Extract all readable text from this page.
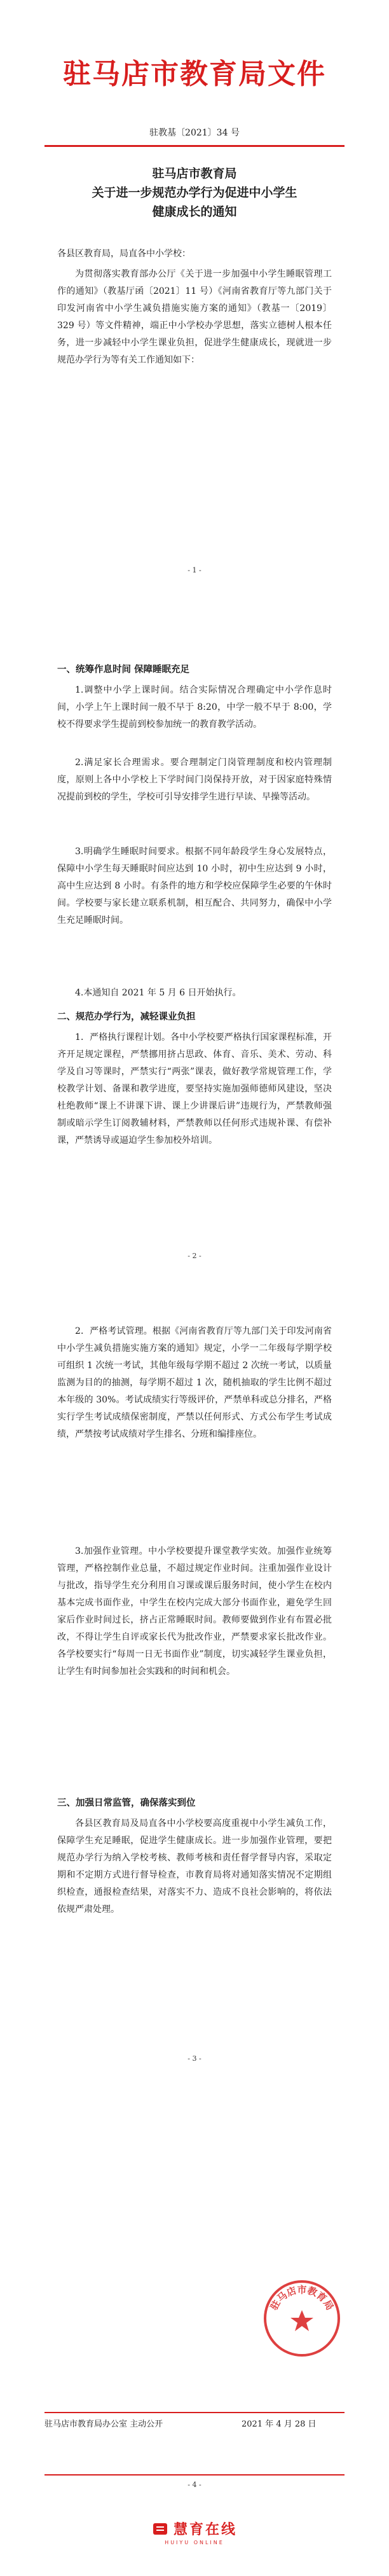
驻马店市教育局文件
驻教基〔2021〕34 号
驻马店市教育局
关于进一步规范办学行为促进中小学生
健康成长的通知
各县区教育局，局直各中小学校：
为贯彻落实教育部办公厅《关于进一步加强中小学生睡眠管理工作的通知》（教基厅函〔2021〕11 号）《河南省教育厅等九部门关于印发河南省中小学生减负措施实施方案的通知》（教基一〔2019〕329 号）等文件精神，端正中小学校办学思想，落实立德树人根本任务，进一步减轻中小学生课业负担，促进学生健康成长，现就进一步规范办学行为等有关工作通知如下：
- 1 -
一、统筹作息时间 保障睡眠充足
1.调整中小学上课时间。结合实际情况合理确定中小学作息时间，小学上午上课时间一般不早于 8:20，中学一般不早于 8:00，学校不得要求学生提前到校参加统一的教育教学活动。
2.满足家长合理需求。要合理制定门岗管理制度和校内管理制度，原则上各中小学校上下学时间门岗保持开放，对于因家庭特殊情况提前到校的学生，学校可引导安排学生进行早读、早操等活动。
3.明确学生睡眠时间要求。根据不同年龄段学生身心发展特点，保障中小学生每天睡眠时间应达到 10 小时，初中生应达到 9 小时，高中生应达到 8 小时。有条件的地方和学校应保障学生必要的午休时间。学校要与家长建立联系机制，相互配合、共同努力，确保中小学生充足睡眠时间。
4.本通知自 2021 年 5 月 6 日开始执行。
二、规范办学行为，减轻课业负担
1．严格执行课程计划。各中小学校要严格执行国家课程标准，开齐开足规定课程，严禁挪用挤占思政、体育、音乐、美术、劳动、科学及自习等课时，严禁实行“两张”课表，做好教学常规管理工作，学校教学计划、备课和教学进度，要坚持实施加强师德师风建设，坚决杜绝教师“课上不讲课下讲、课上少讲课后讲”违规行为，严禁教师强制或暗示学生订阅教辅材料，严禁教师以任何形式违规补课、有偿补课，严禁诱导或逼迫学生参加校外培训。
- 2 -
2．严格考试管理。根据《河南省教育厅等九部门关于印发河南省中小学生减负措施实施方案的通知》规定，小学一二年级每学期学校可组织 1 次统一考试，其他年级每学期不超过 2 次统一考试，以质量监测为目的的抽测，每学期不超过 1 次，随机抽取的学生比例不超过本年级的 30%。考试成绩实行等级评价，严禁单科或总分排名，严格实行学生考试成绩保密制度，严禁以任何形式、方式公布学生考试成绩，严禁按考试成绩对学生排名、分班和编排座位。
3.加强作业管理。中小学校要提升课堂教学实效。加强作业统筹管理，严格控制作业总量，不超过规定作业时间。注重加强作业设计与批改，指导学生充分利用自习课或课后服务时间，使小学生在校内基本完成书面作业，中学生在校内完成大部分书面作业，避免学生回家后作业时间过长，挤占正常睡眠时间。教师要做到作业有布置必批改，不得让学生自评或家长代为批改作业，严禁要求家长批改作业。各学校要实行“每周一日无书面作业”制度，切实减轻学生课业负担，让学生有时间参加社会实践和的时间和机会。
三、加强日常监管，确保落实到位
各县区教育局及局直各中小学校要高度重视中小学生减负工作，保障学生充足睡眠，促进学生健康成长。进一步加强作业管理，要把规范办学行为纳入学校考核、教师考核和责任督学督导内容，采取定期和不定期方式进行督导检查，市教育局将对通知落实情况不定期组织检查，通报检查结果，对落实不力、造成不良社会影响的，将依法依规严肃处理。
- 3 -
驻马店市教育局
驻马店市教育局办公室 主动公开	2021 年 4 月 28 日
- 4 -
慧育在线
HUIYU ONLINE
